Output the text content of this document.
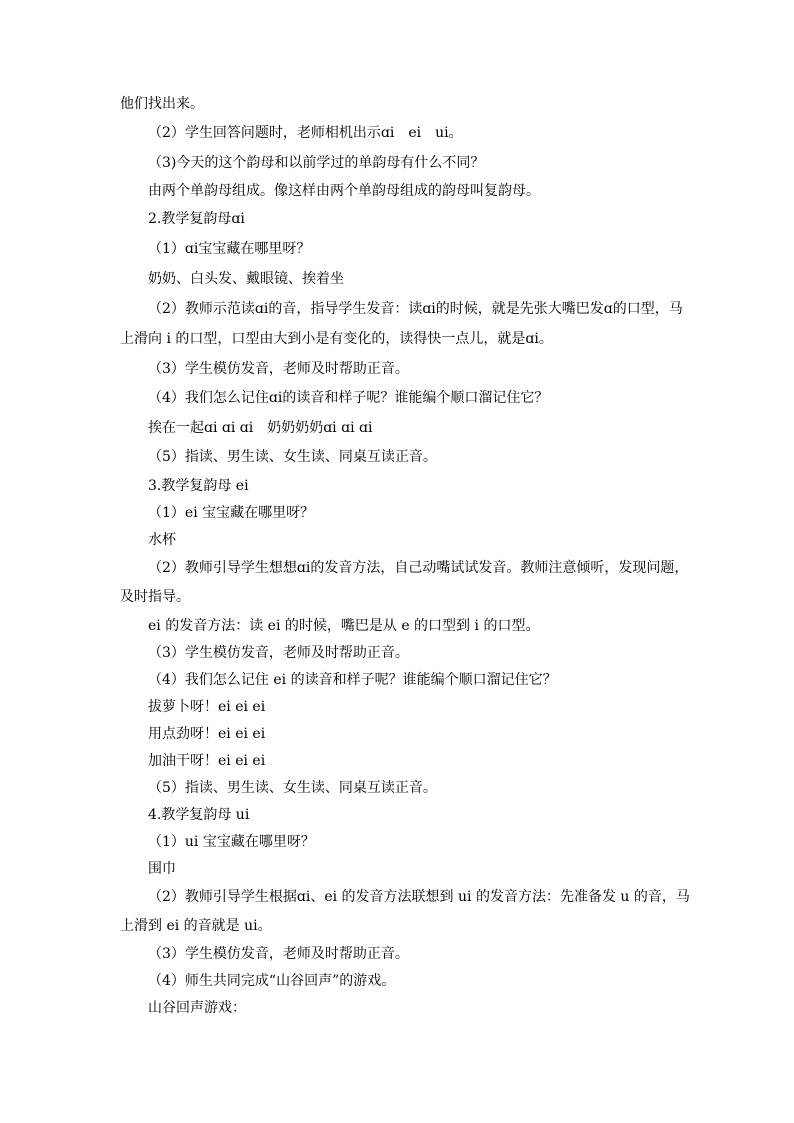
他们找出来。
（2）学生回答问题时，老师相机出示ɑi　ei　ui。
（3)今天的这个韵母和以前学过的单韵母有什么不同？
由两个单韵母组成。像这样由两个单韵母组成的韵母叫复韵母。
2.教学复韵母ɑi
（1）ɑi宝宝藏在哪里呀？
奶奶、白头发、戴眼镜、挨着坐
（2）教师示范读ɑi的音，指导学生发音：读ɑi的时候，就是先张大嘴巴发ɑ的口型，马
上滑向 i 的口型，口型由大到小是有变化的，读得快一点儿，就是ɑi。
（3）学生模仿发音，老师及时帮助正音。
（4）我们怎么记住ɑi的读音和样子呢？谁能编个顺口溜记住它？
挨在一起ɑi ɑi ɑi　奶奶奶奶ɑi ɑi ɑi
（5）指读、男生读、女生读、同桌互读正音。
3.教学复韵母 ei
（1）ei 宝宝藏在哪里呀？
水杯
（2）教师引导学生想想ɑi的发音方法，自己动嘴试试发音。教师注意倾听，发现问题，
及时指导。
ei 的发音方法：读 ei 的时候，嘴巴是从 e 的口型到 i 的口型。
（3）学生模仿发音，老师及时帮助正音。
（4）我们怎么记住 ei 的读音和样子呢？谁能编个顺口溜记住它？
拔萝卜呀！ei ei ei
用点劲呀！ei ei ei
加油干呀！ei ei ei
（5）指读、男生读、女生读、同桌互读正音。
4.教学复韵母 ui
（1）ui 宝宝藏在哪里呀？
围巾
（2）教师引导学生根据ɑi、ei 的发音方法联想到 ui 的发音方法：先准备发 u 的音，马
上滑到 ei 的音就是 ui。
（3）学生模仿发音，老师及时帮助正音。
（4）师生共同完成“山谷回声”的游戏。
山谷回声游戏：
